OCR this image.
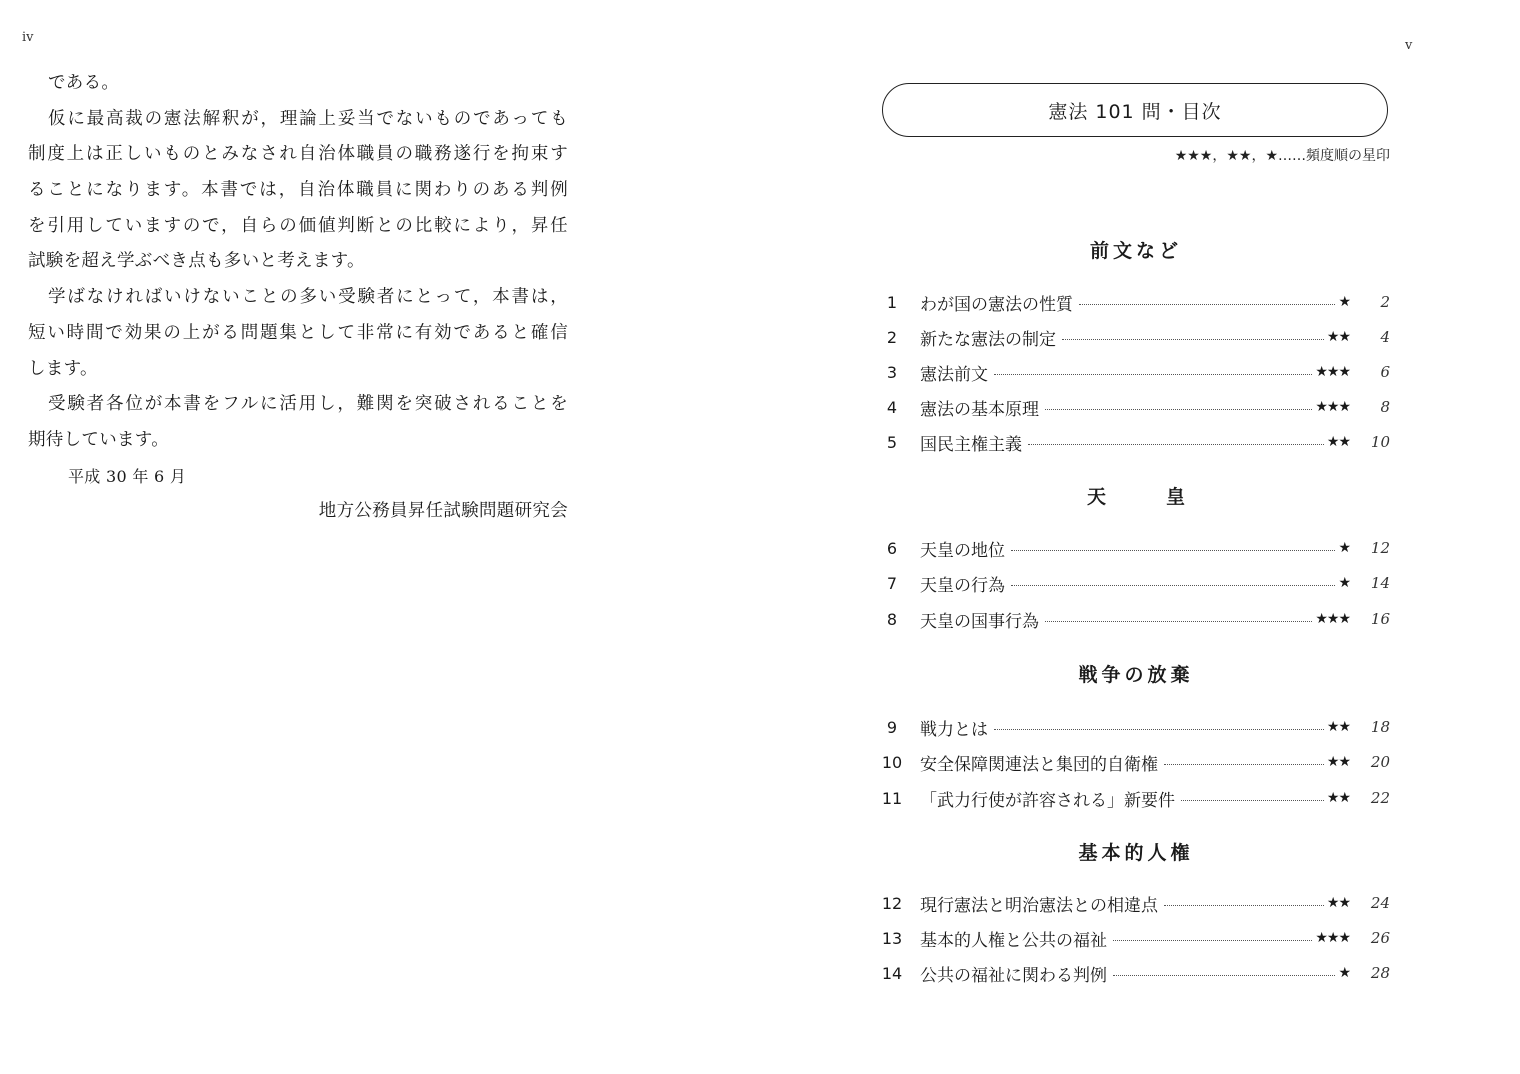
iv
v
である。
仮に最高裁の憲法解釈が，理論上妥当でないものであっても
制度上は正しいものとみなされ自治体職員の職務遂行を拘束す
ることになります。本書では，自治体職員に関わりのある判例
を引用していますので，自らの価値判断との比較により，昇任
試験を超え学ぶべき点も多いと考えます。
学ばなければいけないことの多い受験者にとって，本書は，
短い時間で効果の上がる問題集として非常に有効であると確信
します。
受験者各位が本書をフルに活用し，難関を突破されることを
期待しています。
平成 30 年 6 月
地方公務員昇任試験問題研究会
憲法 101 問・目次
★★★，★★，★……頻度順の星印
前文など
1	わが国の憲法の性質	★	2
2	新たな憲法の制定	★★	4
3	憲法前文	★★★	6
4	憲法の基本原理	★★★	8
5	国民主権主義	★★	10
天皇
6	天皇の地位	★	12
7	天皇の行為	★	14
8	天皇の国事行為	★★★	16
戦争の放棄
9	戦力とは	★★	18
10 安全保障関連法と集団的自衛権	★★	20
11 「武力行使が許容される」新要件	★★	22
基本的人権
12 現行憲法と明治憲法との相違点	★★	24
13 基本的人権と公共の福祉	★★★	26
14 公共の福祉に関わる判例	★	28
